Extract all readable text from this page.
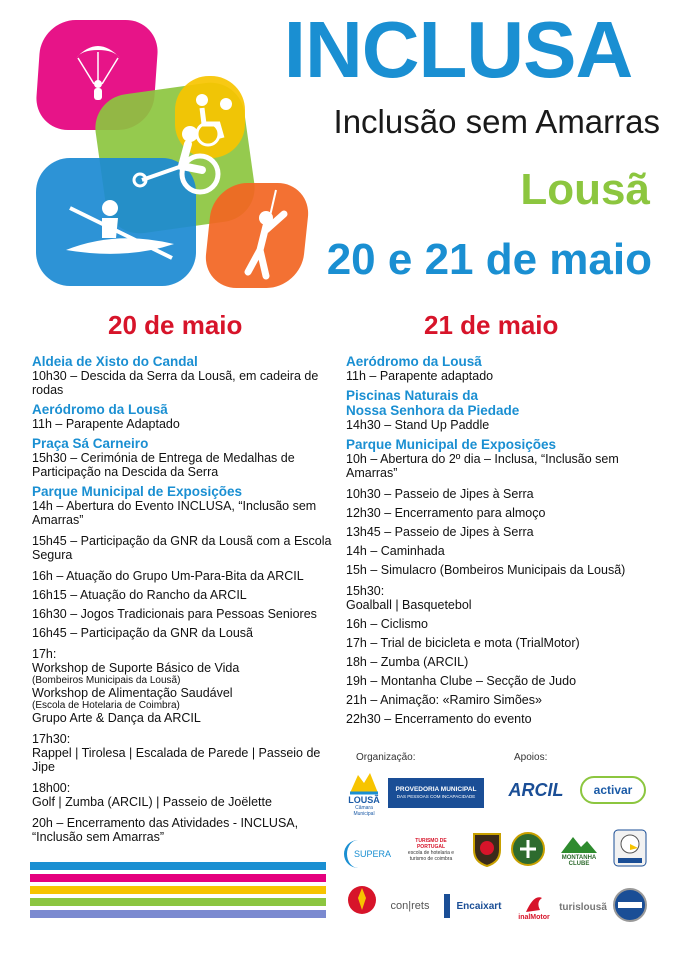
INCLUSA
Inclusão sem Amarras
Lousã
20 e 21 de maio
20 de maio	21 de maio
Aldeia de Xisto do Candal
10h30 – Descida da Serra da Lousã, em cadeira de rodas
Aeródromo da Lousã
11h – Parapente Adaptado
Praça Sá Carneiro
15h30 – Cerimónia de Entrega de Medalhas de Participação na Descida da Serra
Parque Municipal de Exposições
14h – Abertura do Evento INCLUSA, “Inclusão sem Amarras”
15h45 – Participação da GNR da Lousã com a Escola Segura
16h – Atuação do Grupo Um-Para-Bita da ARCIL
16h15 – Atuação do Rancho da ARCIL
16h30 – Jogos Tradicionais para Pessoas Seniores
16h45 – Participação da GNR da Lousã
17h:
Workshop de Suporte Básico de Vida
(Bombeiros Municipais da Lousã)
Workshop de Alimentação Saudável
(Escola de Hotelaria de Coimbra)
Grupo Arte & Dança da ARCIL
17h30:
Rappel | Tirolesa | Escalada de Parede | Passeio de Jipe
18h00:
Golf | Zumba (ARCIL) | Passeio de Joëlette
20h – Encerramento das Atividades - INCLUSA, “Inclusão sem Amarras”
Aeródromo da Lousã
11h – Parapente adaptado
Piscinas Naturais da
Nossa Senhora da Piedade
14h30 – Stand Up Paddle
Parque Municipal de Exposições
10h – Abertura do 2º dia – Inclusa, “Inclusão sem Amarras”
10h30 – Passeio de Jipes à Serra
12h30 – Encerramento para almoço
13h45 – Passeio de Jipes à Serra
14h – Caminhada
15h – Simulacro (Bombeiros Municipais da Lousã)
15h30:
Goalball | Basquetebol
16h – Ciclismo
17h – Trial de bicicleta e mota (TrialMotor)
18h – Zumba (ARCIL)
19h – Montanha Clube – Secção de Judo
21h – Animação: «Ramiro Simões»
22h30 – Encerramento do evento
Organização:	Apoios:
LOUSÃ
Câmara Municipal
PROVEDORIA MUNICIPAL
DAS PESSOAS COM INCAPACIDADE	ARCIL	activar
SUPERA
TURISMO DE PORTUGAL
escola de hotelaria e turismo de coimbra	MONTANHA CLUBE
con|rets	Encaixart
inalMotor
turislousã
